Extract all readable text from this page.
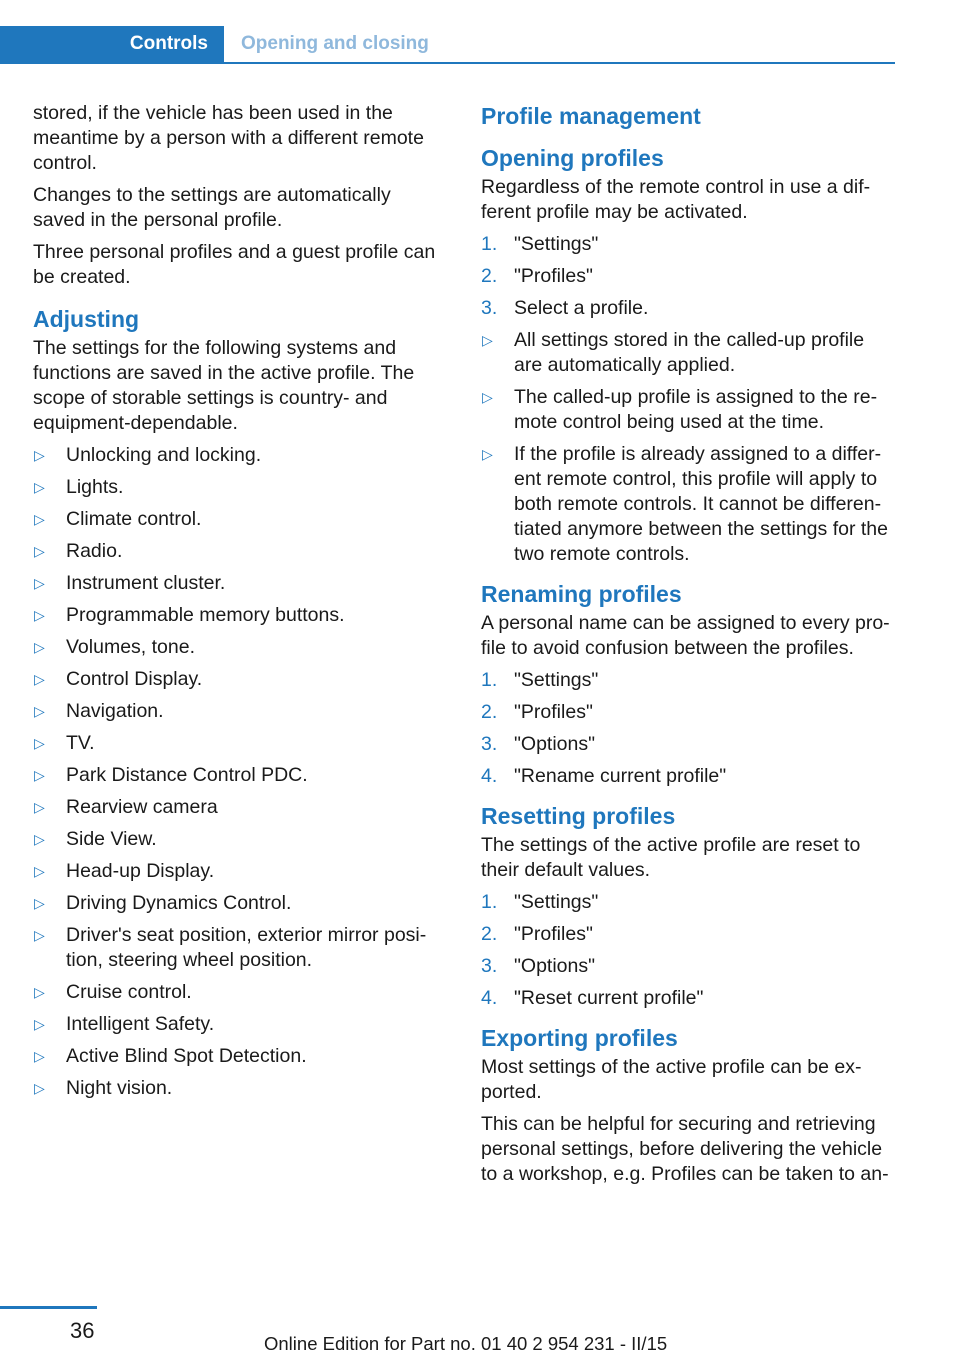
Controls	Opening and closing

stored, if the vehicle has been used in the meantime by a person with a different remote control.

Changes to the settings are automatically saved in the personal profile.

Three personal profiles and a guest profile can be created.

Adjusting

The settings for the following systems and functions are saved in the active profile. The scope of storable settings is country- and equipment-dependable.

▷ Unlocking and locking.
▷ Lights.
▷ Climate control.
▷ Radio.
▷ Instrument cluster.
▷ Programmable memory buttons.
▷ Volumes, tone.
▷ Control Display.
▷ Navigation.
▷ TV.
▷ Park Distance Control PDC.
▷ Rearview camera
▷ Side View.
▷ Head-up Display.
▷ Driving Dynamics Control.
▷ Driver's seat position, exterior mirror posi‐ tion, steering wheel position.
▷ Cruise control.
▷ Intelligent Safety.
▷ Active Blind Spot Detection.
▷ Night vision.
Profile management
Opening profiles

Regardless of the remote control in use a dif‐ ferent profile may be activated.

1. "Settings"
2. "Profiles"
3. Select a profile.
▷ All settings stored in the called-up profile are automatically applied.
▷ The called-up profile is assigned to the re‐ mote control being used at the time.
▷ If the profile is already assigned to a differ‐ ent remote control, this profile will apply to both remote controls. It cannot be differen‐ tiated anymore between the settings for the two remote controls.
Renaming profiles

A personal name can be assigned to every pro‐ file to avoid confusion between the profiles.

1. "Settings"
2. "Profiles"
3. "Options"
4. "Rename current profile"
Resetting profiles

The settings of the active profile are reset to their default values.

1. "Settings"
2. "Profiles"
3. "Options"
4. "Reset current profile"
Exporting profiles

Most settings of the active profile can be ex‐ ported.

This can be helpful for securing and retrieving personal settings, before delivering the vehicle to a workshop, e.g. Profiles can be taken to an‐

36
Online Edition for Part no. 01 40 2 954 231 - II/15
